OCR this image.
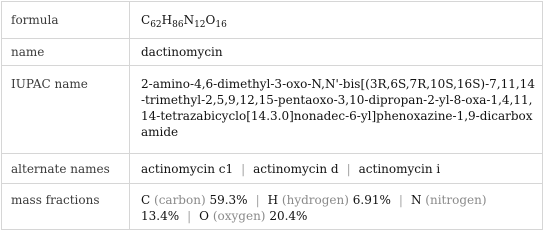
formula	$C_{62}H_{86}N_{12}O_{16}$
name	dactinomycin
IUPAC name	2-amino-4,6-dimethyl-3-oxo-N,N'-bis[(3R,6S,7R,10S,16S)-7,11,14-trimethyl-2,5,9,12,15-pentaoxo-3,10-dipropan-2-yl-8-oxa-1,4,11,14-tetrazabicyclo[14.3.0]nonadec-6-yl]phenoxazine-1,9-dicarboxamide
alternate names	actinomycin c1 | actinomycin d | actinomycin i
mass fractions	C (carbon) 59.3% | H (hydrogen) 6.91% | N (nitrogen)
13.4% | O (oxygen) 20.4%
